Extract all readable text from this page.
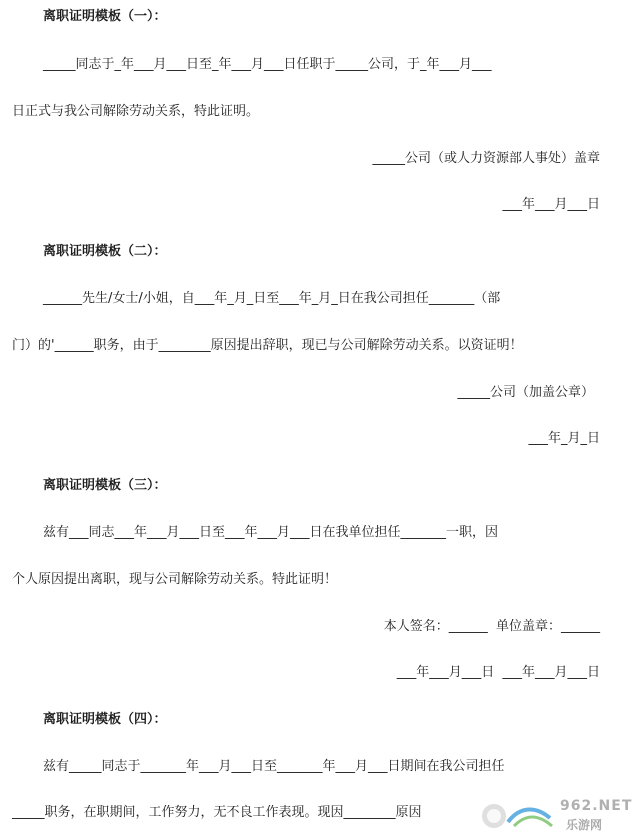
离职证明模板（一）：
_____同志于_年___月___日至_年___月___日任职于_____公司，于_年___月___
日正式与我公司解除劳动关系，特此证明。
_____公司（或人力资源部人事处）盖章
___年___月___日
离职证明模板（二）：
______先生/女士/小姐，自___年_月_日至___年_月_日在我公司担任_______（部
门）的'______职务，由于________原因提出辞职，现已与公司解除劳动关系。以资证明！
_____公司（加盖公章）
___年_月_日
离职证明模板（三）：
兹有___同志___年___月___日至___年___月___日在我单位担任_______一职，因
个人原因提出离职，现与公司解除劳动关系。特此证明！
本人签名：______  单位盖章：______
___年___月___日  ___年___月___日
离职证明模板（四）：
兹有_____同志于_______年___月___日至_______年___月___日期间在我公司担任
_____职务，在职期间，工作努力，无不良工作表现。现因________原因	962.NET
乐游网
